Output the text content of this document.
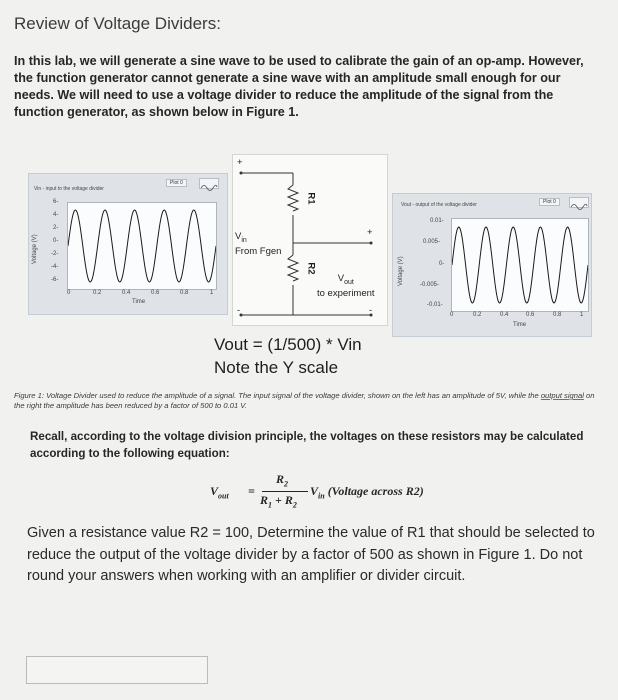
Review of Voltage Dividers:
In this lab, we will generate a sine wave to be used to calibrate the gain of an op-amp. However, the function generator cannot generate a sine wave with an amplitude small enough for our needs. We will need to use a voltage divider to reduce the amplitude of the signal from the function generator, as shown below in Figure 1.
Vin - input to the voltage divider
Plot 0
Voltage (V)
6-
4-
2-
0-
-2-
-4-
-6-
0	0.2	0.4	0.6	0.8	1
Time
R1
R2
+
+
-	-
$V_{in}$
From Fgen
$V_{out}$
to experiment
Vout - output of the voltage divider	Plot 0
Voltage (V)
0.01-
0.005-
0-
-0.005-
-0.01-
0	0.2	0.4	0.6	0.8	1
Time
Vout = (1/500) * Vin
Note the Y scale
Figure 1: Voltage Divider used to reduce the amplitude of a signal. The input signal of the voltage divider, shown on the left has an amplitude of 5V, while the output signal on the right the amplitude has been reduced by a factor of 500 to 0.01 V.
Recall, according to the voltage division principle, the voltages on these resistors may be calculated according to the following equation:
$V_{out}$ =
$R_2$
$R_1 + R_2$
$V_{in}$ (Voltage across R2)
Given a resistance value R2 = 100, Determine the value of R1 that should be selected to reduce the output of the voltage divider by a factor of 500 as shown in Figure 1. Do not round your answers when working with an amplifier or divider circuit.
